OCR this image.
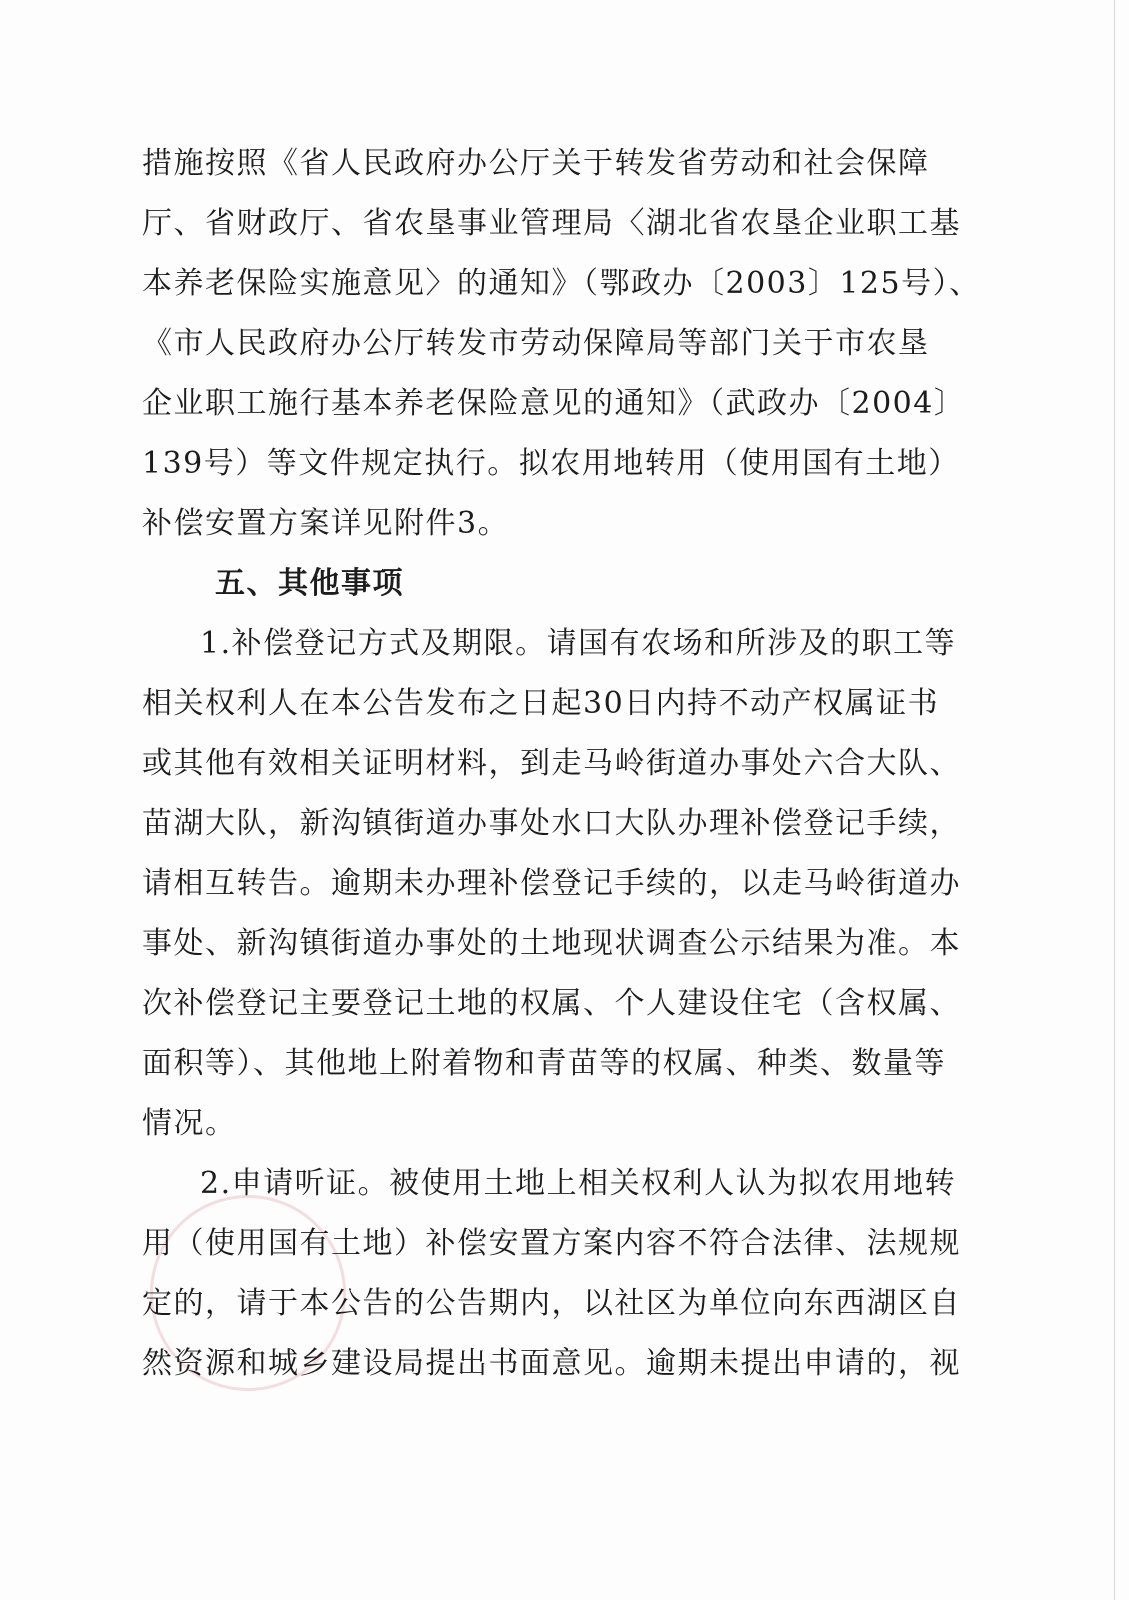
措施按照《省人民政府办公厅关于转发省劳动和社会保障
厅、省财政厅、省农垦事业管理局〈湖北省农垦企业职工基
本养老保险实施意见〉的通知》（鄂政办〔2003〕125号）、
《市人民政府办公厅转发市劳动保障局等部门关于市农垦
企业职工施行基本养老保险意见的通知》（武政办〔2004〕
139号）等文件规定执行。拟农用地转用（使用国有土地）
补偿安置方案详见附件3。
五、其他事项
1.补偿登记方式及期限。请国有农场和所涉及的职工等
相关权利人在本公告发布之日起30日内持不动产权属证书
或其他有效相关证明材料，到走马岭街道办事处六合大队、
苗湖大队，新沟镇街道办事处水口大队办理补偿登记手续，
请相互转告。逾期未办理补偿登记手续的，以走马岭街道办
事处、新沟镇街道办事处的土地现状调查公示结果为准。本
次补偿登记主要登记土地的权属、个人建设住宅（含权属、
面积等）、其他地上附着物和青苗等的权属、种类、数量等
情况。
2.申请听证。被使用土地上相关权利人认为拟农用地转
用（使用国有土地）补偿安置方案内容不符合法律、法规规
定的，请于本公告的公告期内，以社区为单位向东西湖区自
然资源和城乡建设局提出书面意见。逾期未提出申请的，视
